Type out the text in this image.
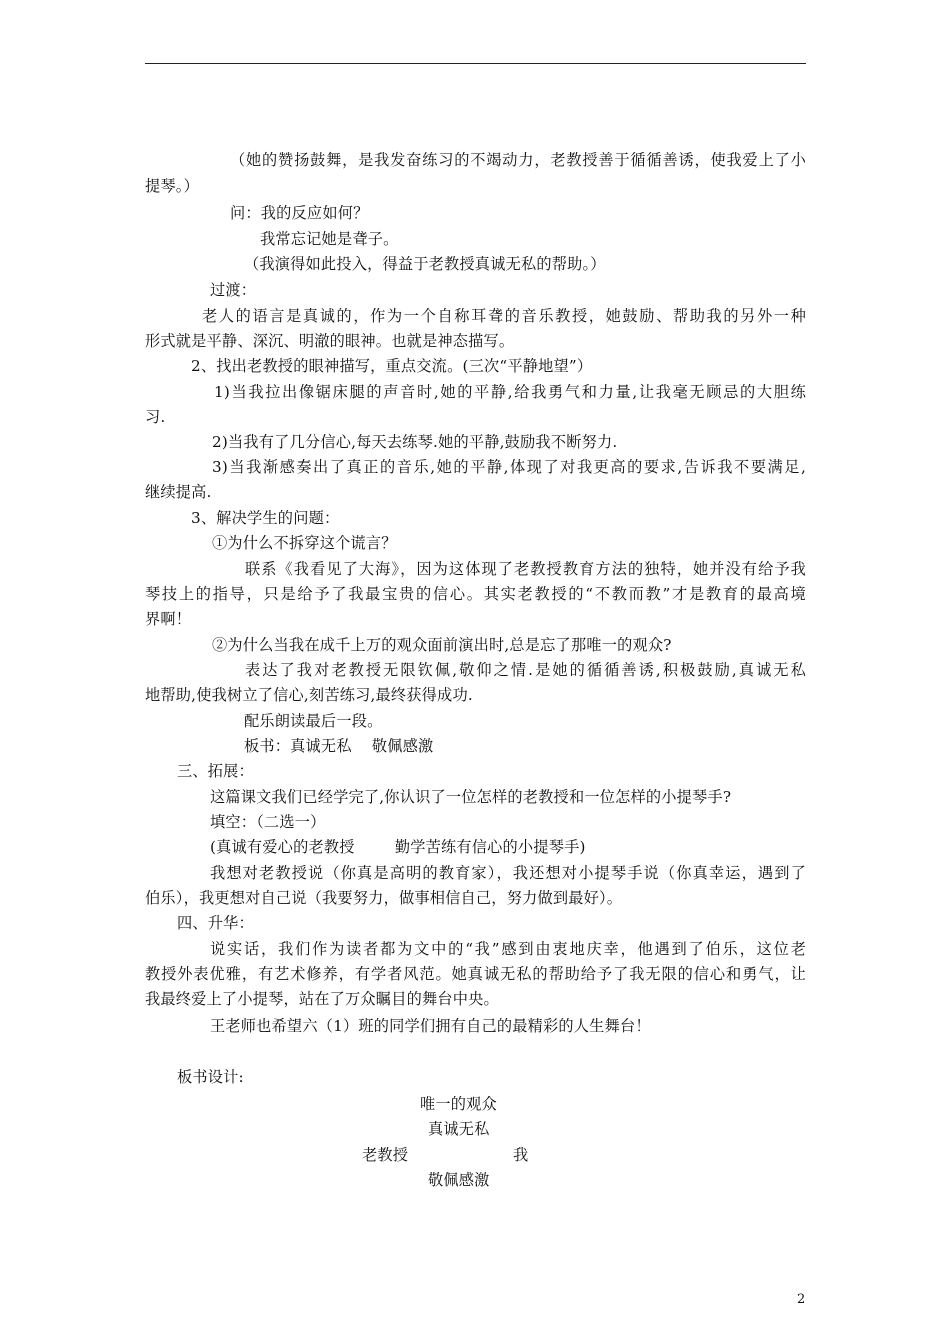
（她的赞扬鼓舞，是我发奋练习的不竭动力，老教授善于循循善诱，使我爱上了小
提琴。）
问：我的反应如何？
我常忘记她是聋子。
（我演得如此投入，得益于老教授真诚无私的帮助。）
过渡：
老人的语言是真诚的，作为一个自称耳聋的音乐教授，她鼓励、帮助我的另外一种
形式就是平静、深沉、明澈的眼神。也就是神态描写。
2、找出老教授的眼神描写，重点交流。(三次“平静地望”）
1)当我拉出像锯床腿的声音时,她的平静,给我勇气和力量,让我毫无顾忌的大胆练
习.
2)当我有了几分信心,每天去练琴.她的平静,鼓励我不断努力.
3)当我渐感奏出了真正的音乐,她的平静,体现了对我更高的要求,告诉我不要满足,
继续提高.
3、解决学生的问题：
①为什么不拆穿这个谎言？
联系《我看见了大海》，因为这体现了老教授教育方法的独特，她并没有给予我
琴技上的指导，只是给予了我最宝贵的信心。其实老教授的“不教而教”才是教育的最高境
界啊！
②为什么当我在成千上万的观众面前演出时,总是忘了那唯一的观众?
表达了我对老教授无限钦佩,敬仰之情.是她的循循善诱,积极鼓励,真诚无私
地帮助,使我树立了信心,刻苦练习,最终获得成功.
配乐朗读最后一段。
板书：真诚无私    敬佩感激
三、拓展：
这篇课文我们已经学完了,你认识了一位怎样的老教授和一位怎样的小提琴手?
填空：（二选一）
(真诚有爱心的老教授        勤学苦练有信心的小提琴手)
我想对老教授说（你真是高明的教育家），我还想对小提琴手说（你真幸运，遇到了
伯乐），我更想对自己说（我要努力，做事相信自己，努力做到最好）。
四、升华：
说实话，我们作为读者都为文中的“我”感到由衷地庆幸，他遇到了伯乐，这位老
教授外表优雅，有艺术修养，有学者风范。她真诚无私的帮助给予了我无限的信心和勇气，让
我最终爱上了小提琴，站在了万众瞩目的舞台中央。
王老师也希望六（1）班的同学们拥有自己的最精彩的人生舞台！
板书设计:
唯一的观众
真诚无私
老教授	我
敬佩感激
2
